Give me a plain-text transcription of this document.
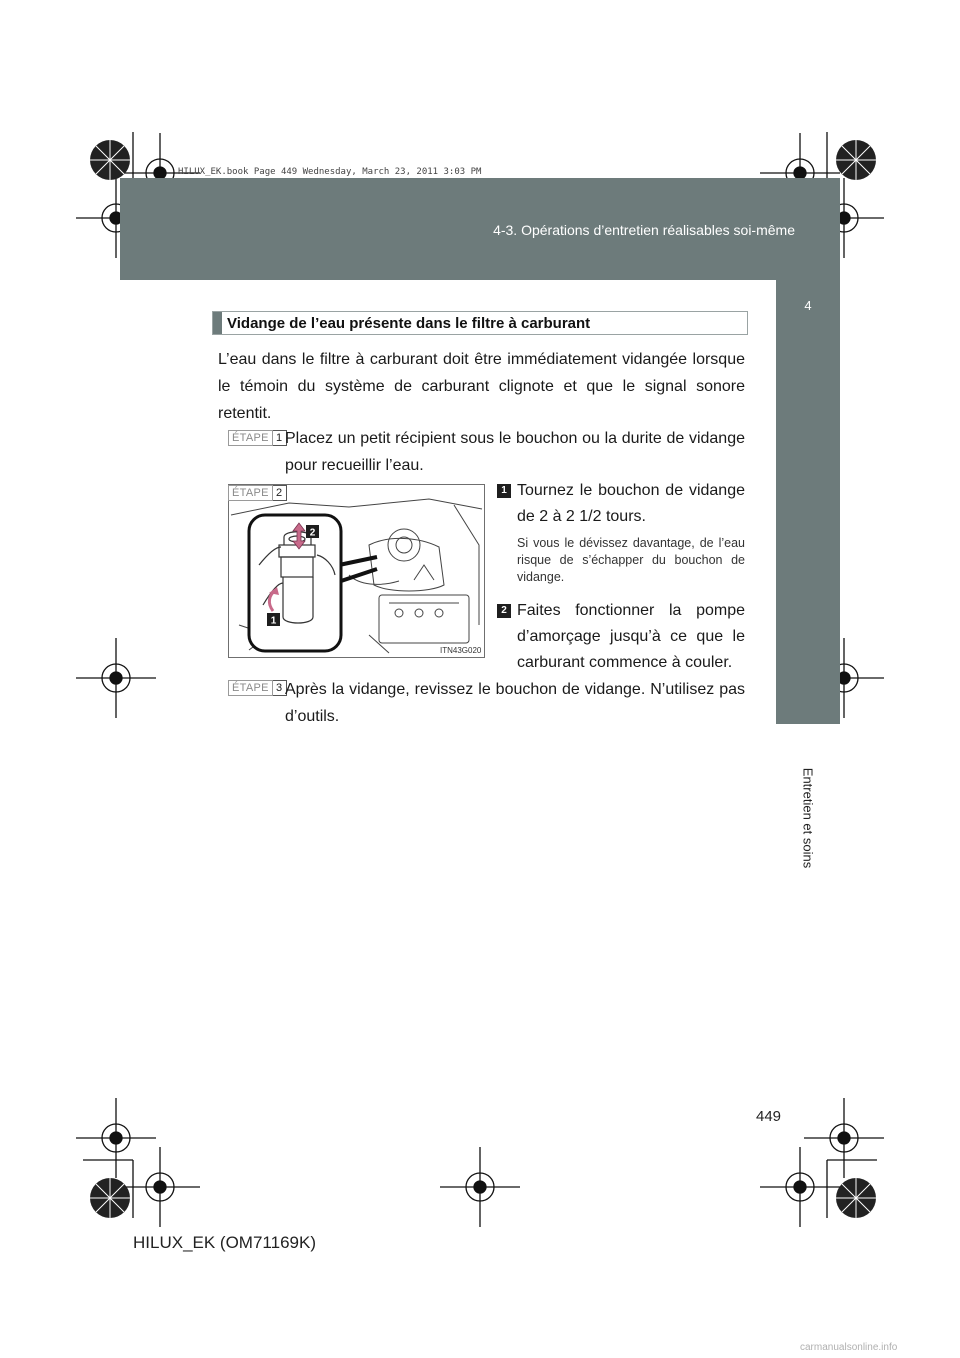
HILUX_EK.book Page 449 Wednesday, March 23, 2011 3:03 PM
4-3. Opérations d’entretien réalisables soi-même
4
Entretien et soins
Vidange de l’eau présente dans le filtre à carburant
L’eau dans le filtre à carburant doit être immédiatement vidangée lorsque le témoin du système de carburant clignote et que le signal sonore retentit.
ÉTAPE 1 Placez un petit récipient sous le bouchon ou la durite de vidange pour recueillir l’eau.
2
1
ÉTAPE 2
ITN43G020
1 Tournez le bouchon de vidange de 2 à 2 1/2 tours.
Si vous le dévissez davantage, de l’eau risque de s’échapper du bouchon de vidange.
2 Faites fonctionner la pompe d’amorçage jusqu’à ce que le carburant commence à couler.
ÉTAPE 3 Après la vidange, revissez le bouchon de vidange. N’utilisez pas d’outils.
449
HILUX_EK (OM71169K)
carmanualsonline.info
